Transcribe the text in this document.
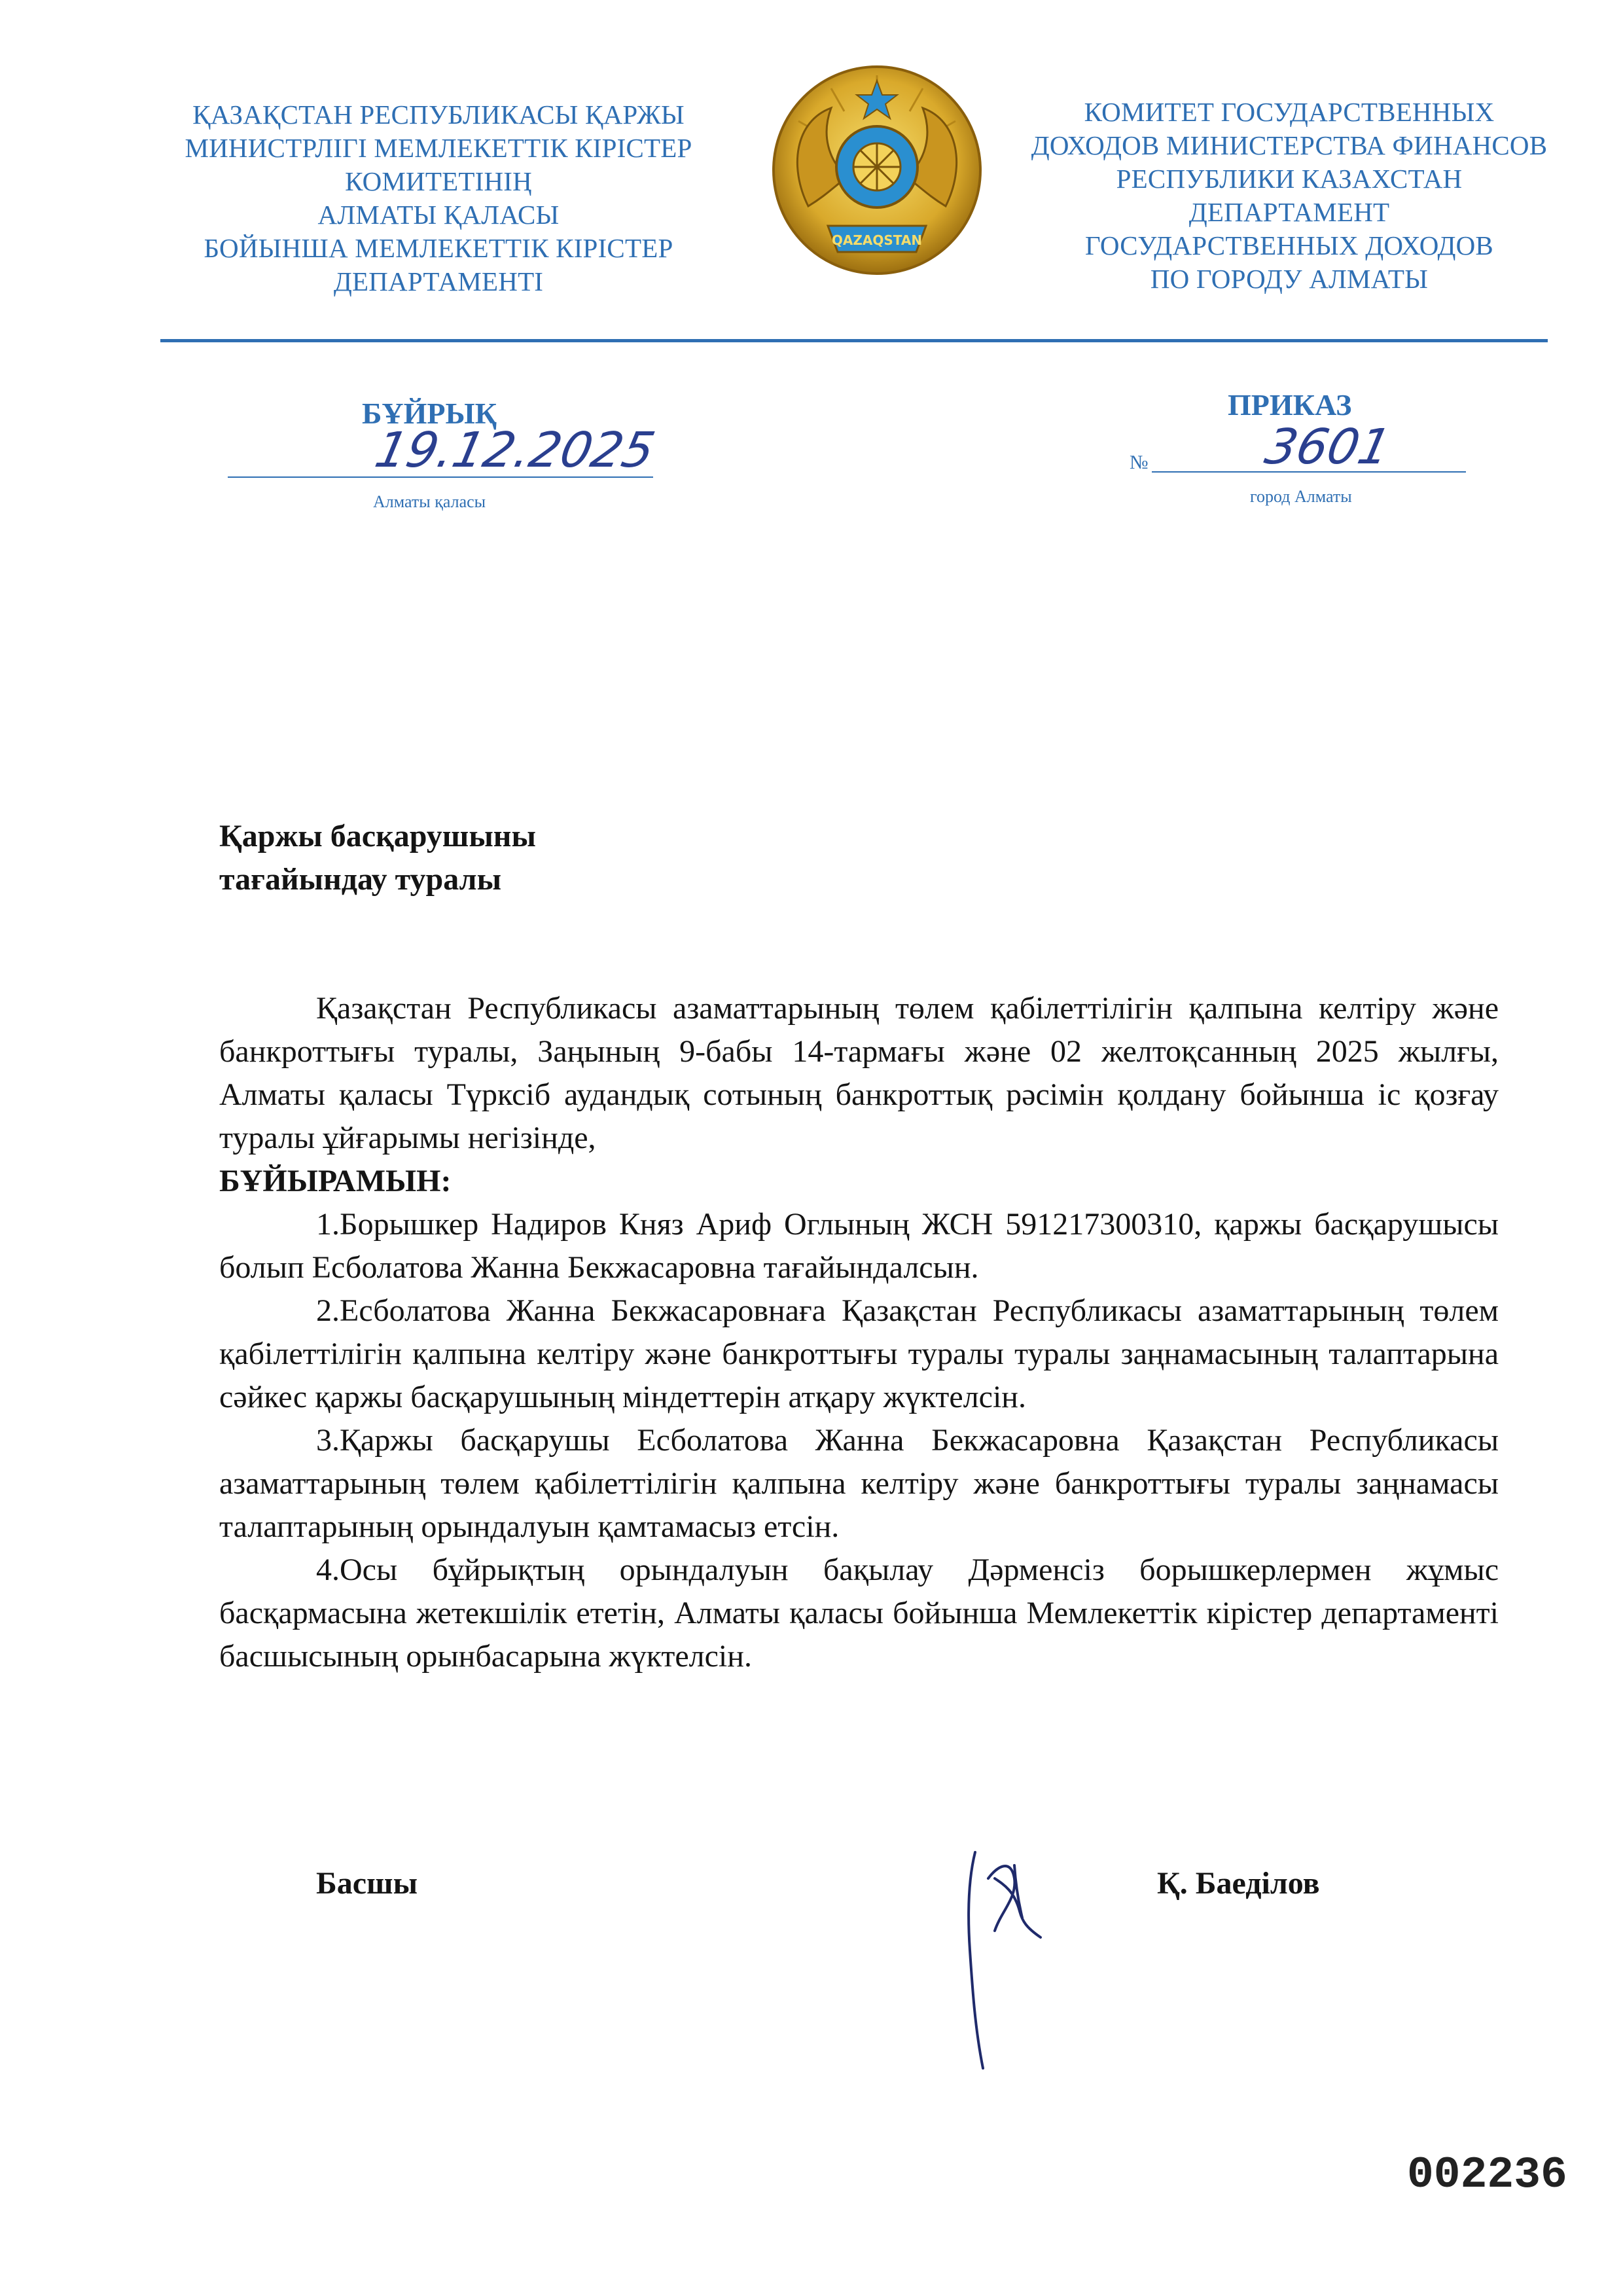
ҚАЗАҚСТАН РЕСПУБЛИКАСЫ ҚАРЖЫ
МИНИСТРЛІГІ МЕМЛЕКЕТТІК КІРІСТЕР
КОМИТЕТІНІҢ
АЛМАТЫ ҚАЛАСЫ
БОЙЫНША МЕМЛЕКЕТТІК КІРІСТЕР
ДЕПАРТАМЕНТІ
QAZAQSTAN
КОМИТЕТ ГОСУДАРСТВЕННЫХ
ДОХОДОВ МИНИСТЕРСТВА ФИНАНСОВ
РЕСПУБЛИКИ КАЗАХСТАН
ДЕПАРТАМЕНТ
ГОСУДАРСТВЕННЫХ ДОХОДОВ
ПО ГОРОДУ АЛМАТЫ
БҰЙРЫҚ	ПРИКАЗ
19.12.2025
Алматы қаласы
№ 3601
город Алматы
Қаржы басқарушыны
тағайындау туралы

Қазақстан Республикасы азаматтарының төлем қабілеттілігін қалпына келтіру және банкроттығы туралы, Заңының 9-бабы 14-тармағы және 02 желтоқсанның 2025 жылғы, Алматы қаласы Түрксіб аудандық сотының банкроттық рәсімін қолдану бойынша іс қозғау туралы ұйғарымы негізінде,

БҰЙЫРАМЫН:

1.Борышкер Надиров Княз Ариф Оглының ЖСН 591217300310, қаржы басқарушысы болып Есболатова Жанна Бекжасаровна тағайындалсын.

2.Есболатова Жанна Бекжасаровнаға Қазақстан Республикасы азаматтарының төлем қабілеттілігін қалпына келтіру және банкроттығы туралы туралы заңнамасының талаптарына сәйкес қаржы басқарушының міндеттерін атқару жүктелсін.

3.Қаржы басқарушы Есболатова Жанна Бекжасаровна Қазақстан Республикасы азаматтарының төлем қабілеттілігін қалпына келтіру және банкроттығы туралы заңнамасы талаптарының орындалуын қамтамасыз етсін.

4.Осы бұйрықтың орындалуын бақылау Дәрменсіз борышкерлермен жұмыс басқармасына жетекшілік ететін, Алматы қаласы бойынша Мемлекеттік кірістер департаменті басшысының орынбасарына жүктелсін.

Басшы	Қ. Баеділов
002236
